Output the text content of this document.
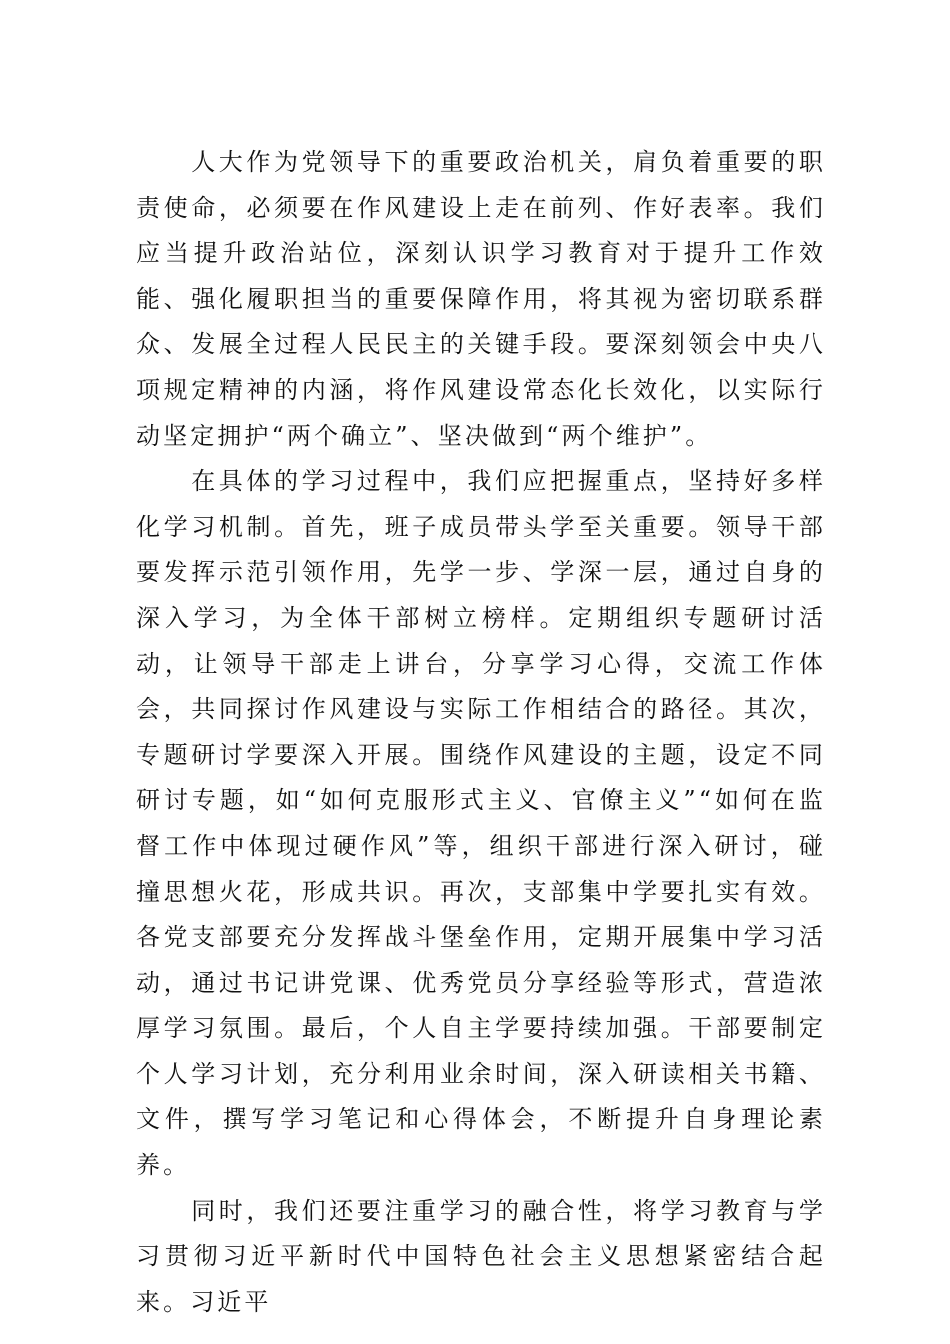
人大作为党领导下的重要政治机关，肩负着重要的职责使命，必须要在作风建设上走在前列、作好表率。我们应当提升政治站位，深刻认识学习教育对于提升工作效能、强化履职担当的重要保障作用，将其视为密切联系群众、发展全过程人民民主的关键手段。要深刻领会中央八项规定精神的内涵，将作风建设常态化长效化，以实际行动坚定拥护“两个确立”、坚决做到“两个维护”。

在具体的学习过程中，我们应把握重点，坚持好多样化学习机制。首先，班子成员带头学至关重要。领导干部要发挥示范引领作用，先学一步、学深一层，通过自身的深入学习，为全体干部树立榜样。定期组织专题研讨活动，让领导干部走上讲台，分享学习心得，交流工作体会，共同探讨作风建设与实际工作相结合的路径。其次，专题研讨学要深入开展。围绕作风建设的主题，设定不同研讨专题，如“如何克服形式主义、官僚主义”“如何在监督工作中体现过硬作风”等，组织干部进行深入研讨，碰撞思想火花，形成共识。再次，支部集中学要扎实有效。各党支部要充分发挥战斗堡垒作用，定期开展集中学习活动，通过书记讲党课、优秀党员分享经验等形式，营造浓厚学习氛围。最后，个人自主学要持续加强。干部要制定个人学习计划，充分利用业余时间，深入研读相关书籍、文件，撰写学习笔记和心得体会，不断提升自身理论素养。

同时，我们还要注重学习的融合性，将学习教育与学习贯彻习近平新时代中国特色社会主义思想紧密结合起来。习近平
